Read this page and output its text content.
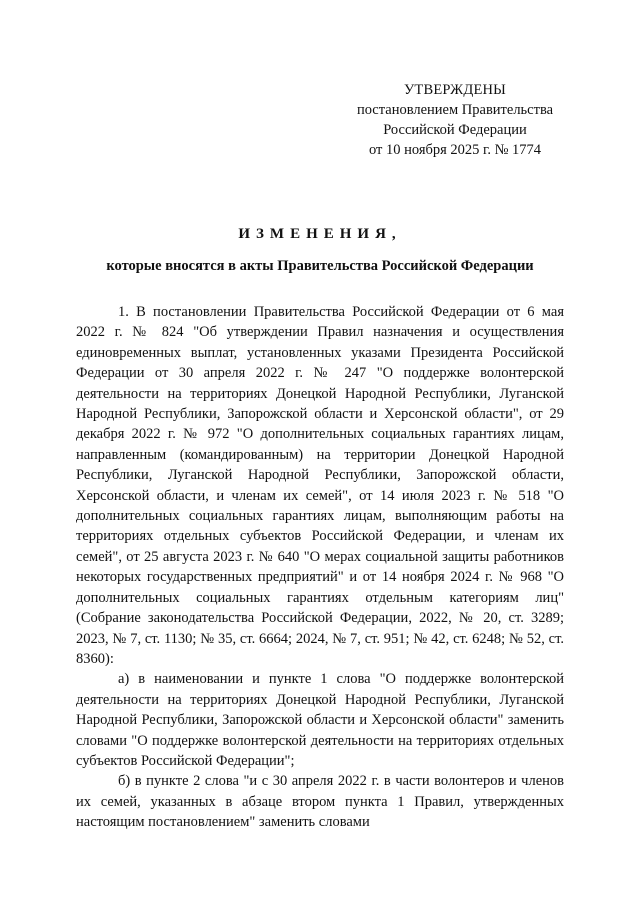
УТВЕРЖДЕНЫ
постановлением Правительства
Российской Федерации
от 10 ноября 2025 г. № 1774
ИЗМЕНЕНИЯ,
которые вносятся в акты Правительства Российской Федерации

1. В постановлении Правительства Российской Федерации от 6 мая 2022 г. № 824 "Об утверждении Правил назначения и осуществления единовременных выплат, установленных указами Президента Российской Федерации от 30 апреля 2022 г. № 247 "О поддержке волонтерской деятельности на территориях Донецкой Народной Республики, Луганской Народной Республики, Запорожской области и Херсонской области", от 29 декабря 2022 г. № 972 "О дополнительных социальных гарантиях лицам, направленным (командированным) на территории Донецкой Народной Республики, Луганской Народной Республики, Запорожской области, Херсонской области, и членам их семей", от 14 июля 2023 г. № 518 "О дополнительных социальных гарантиях лицам, выполняющим работы на территориях отдельных субъектов Российской Федерации, и членам их семей", от 25 августа 2023 г. № 640 "О мерах социальной защиты работников некоторых государственных предприятий" и от 14 ноября 2024 г. № 968 "О дополнительных социальных гарантиях отдельным категориям лиц" (Собрание законодательства Российской Федерации, 2022, № 20, ст. 3289; 2023, № 7, ст. 1130; № 35, ст. 6664; 2024, № 7, ст. 951; № 42, ст. 6248; № 52, ст. 8360):

а) в наименовании и пункте 1 слова "О поддержке волонтерской деятельности на территориях Донецкой Народной Республики, Луганской Народной Республики, Запорожской области и Херсонской области" заменить словами "О поддержке волонтерской деятельности на территориях отдельных субъектов Российской Федерации";

б) в пункте 2 слова "и с 30 апреля 2022 г. в части волонтеров и членов их семей, указанных в абзаце втором пункта 1 Правил, утвержденных настоящим постановлением" заменить словами
